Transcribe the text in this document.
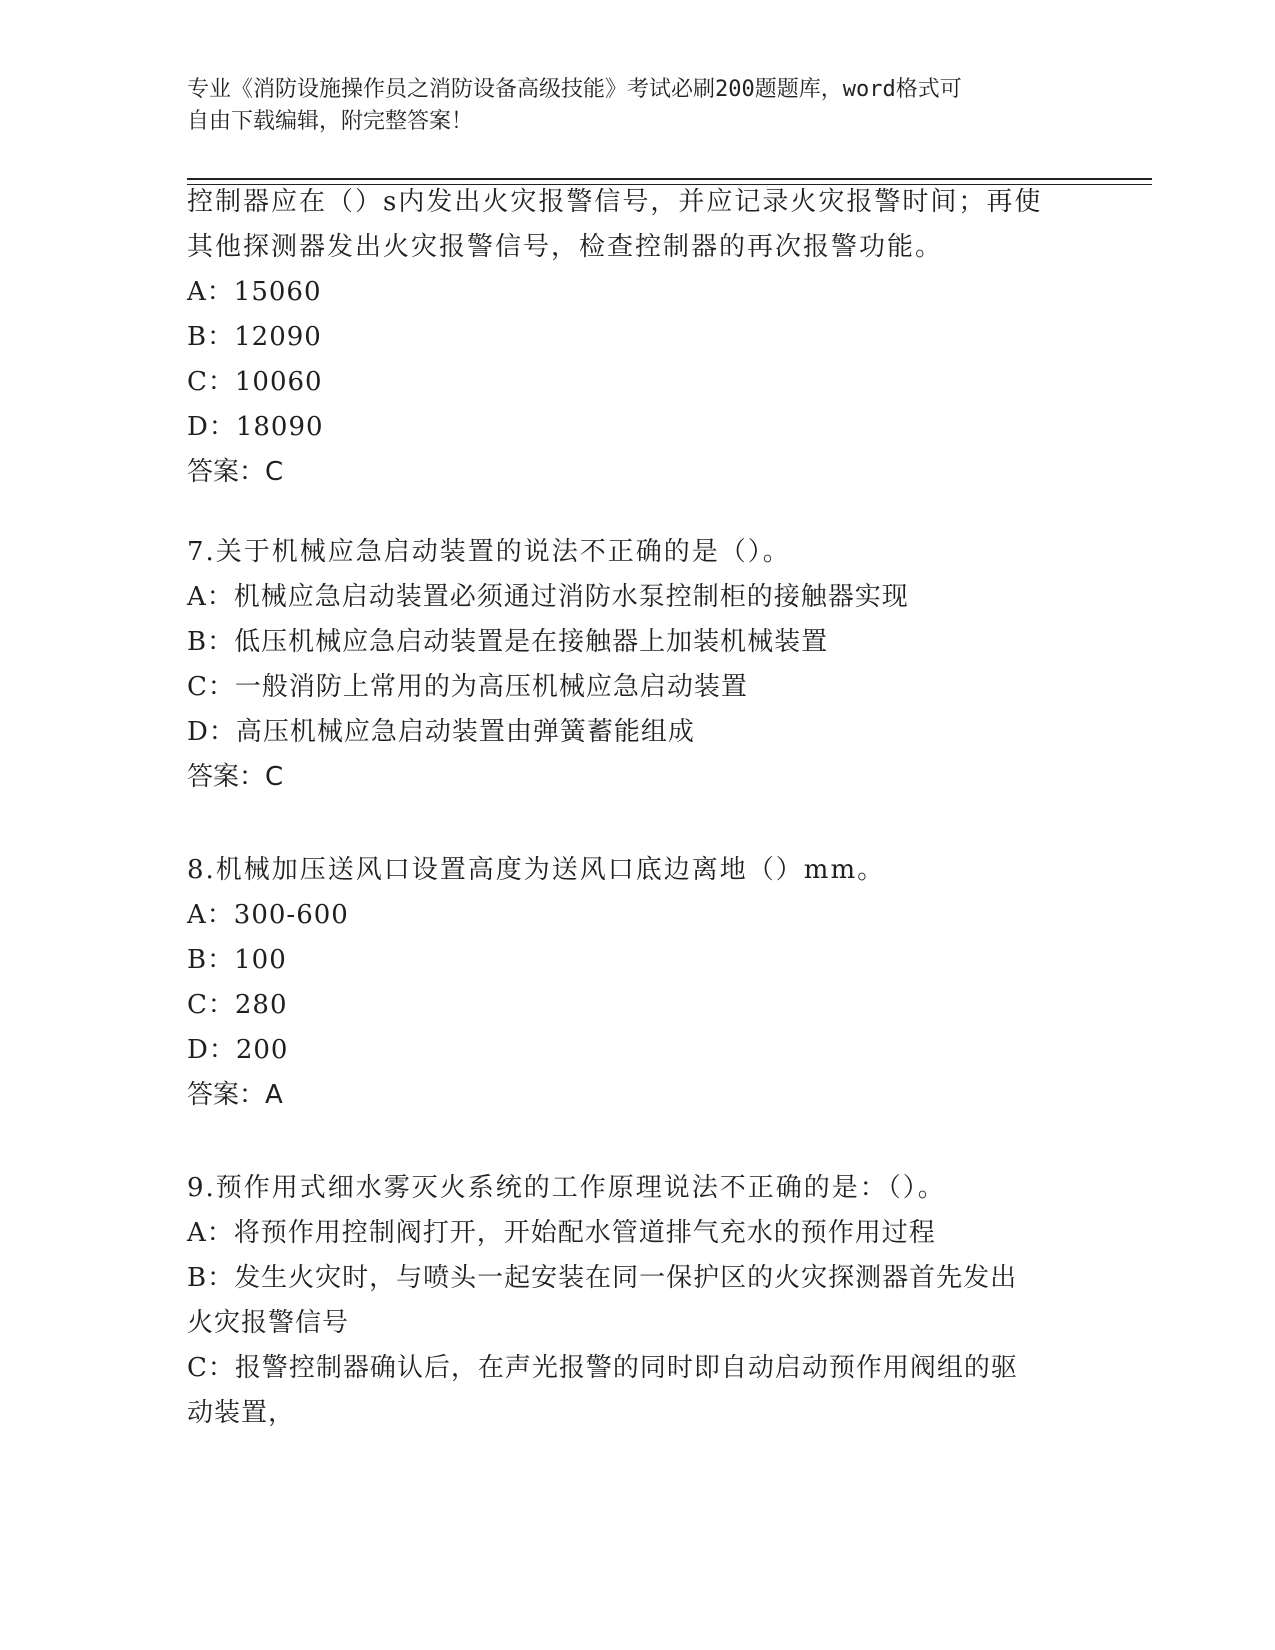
专业《消防设施操作员之消防设备高级技能》考试必刷200题题库，word格式可
自由下载编辑，附完整答案！
控制器应在（）s内发出火灾报警信号，并应记录火灾报警时间；再使
其他探测器发出火灾报警信号，检查控制器的再次报警功能。
A：15060
B：12090
C：10060
D：18090
答案：C
7.关于机械应急启动装置的说法不正确的是（）。
A：机械应急启动装置必须通过消防水泵控制柜的接触器实现
B：低压机械应急启动装置是在接触器上加装机械装置
C：一般消防上常用的为高压机械应急启动装置
D：高压机械应急启动装置由弹簧蓄能组成
答案：C
8.机械加压送风口设置高度为送风口底边离地（）mm。
A：300-600
B：100
C：280
D：200
答案：A
9.预作用式细水雾灭火系统的工作原理说法不正确的是：（）。
A：将预作用控制阀打开，开始配水管道排气充水的预作用过程
B：发生火灾时，与喷头一起安装在同一保护区的火灾探测器首先发出
火灾报警信号
C：报警控制器确认后，在声光报警的同时即自动启动预作用阀组的驱
动装置，
